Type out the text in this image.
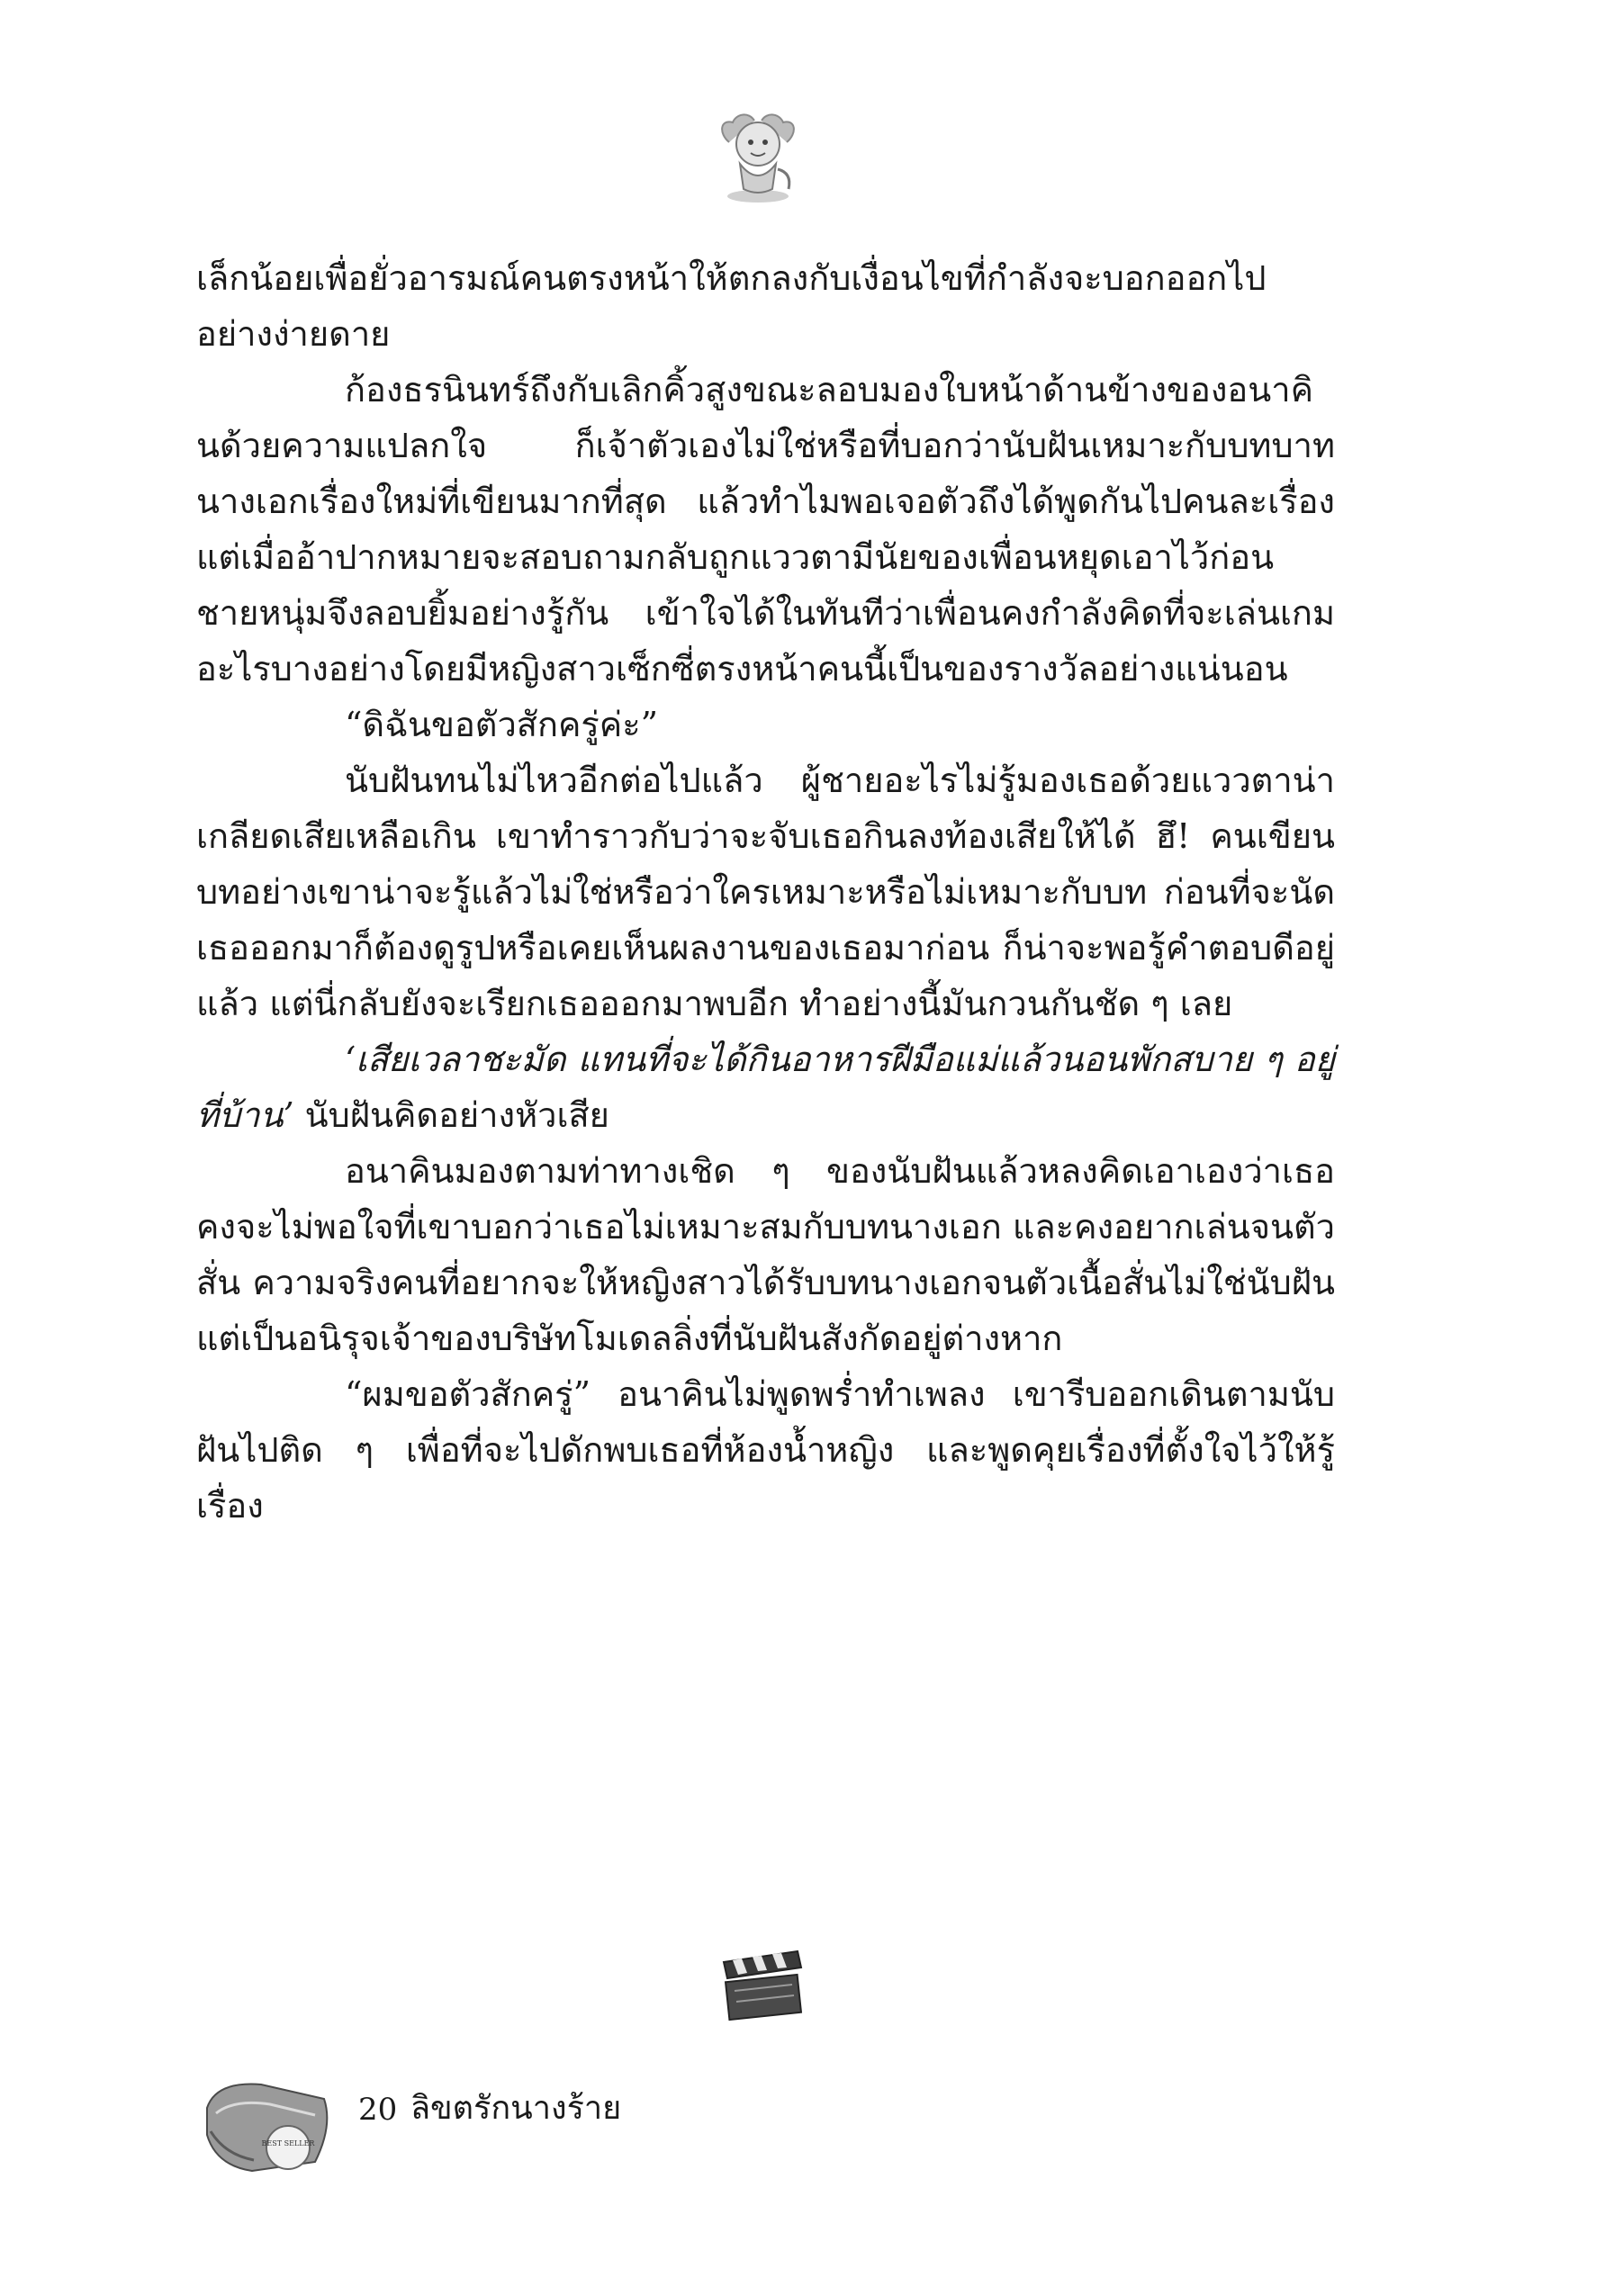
เล็กน้อยเพื่อยั่วอารมณ์คนตรงหน้าให้ตกลงกับเงื่อนไขที่กำลังจะบอกออกไปอย่างง่ายดาย

ก้องธรนินทร์ถึงกับเลิกคิ้วสูงขณะลอบมองใบหน้าด้านข้างของอนาคินด้วยความแปลกใจ ก็เจ้าตัวเองไม่ใช่หรือที่บอกว่านับฝันเหมาะกับบทบาทนางเอกเรื่องใหม่ที่เขียนมากที่สุด แล้วทำไมพอเจอตัวถึงได้พูดกันไปคนละเรื่อง แต่เมื่ออ้าปากหมายจะสอบถามกลับถูกแววตามีนัยของเพื่อนหยุดเอาไว้ก่อน ชายหนุ่มจึงลอบยิ้มอย่างรู้กัน เข้าใจได้ในทันทีว่าเพื่อนคงกำลังคิดที่จะเล่นเกมอะไรบางอย่างโดยมีหญิงสาวเซ็กซี่ตรงหน้าคนนี้เป็นของรางวัลอย่างแน่นอน

“ดิฉันขอตัวสักครู่ค่ะ”

นับฝันทนไม่ไหวอีกต่อไปแล้ว ผู้ชายอะไรไม่รู้มองเธอด้วยแววตาน่าเกลียดเสียเหลือเกิน เขาทำราวกับว่าจะจับเธอกินลงท้องเสียให้ได้ ฮึ! คนเขียนบทอย่างเขาน่าจะรู้แล้วไม่ใช่หรือว่าใครเหมาะหรือไม่เหมาะกับบท ก่อนที่จะนัดเธอออกมาก็ต้องดูรูปหรือเคยเห็นผลงานของเธอมาก่อน ก็น่าจะพอรู้คำตอบดีอยู่แล้ว แต่นี่กลับยังจะเรียกเธอออกมาพบอีก ทำอย่างนี้มันกวนกันชัด ๆ เลย

‘เสียเวลาชะมัด แทนที่จะได้กินอาหารฝีมือแม่แล้วนอนพักสบาย ๆ อยู่ที่บ้าน’ นับฝันคิดอย่างหัวเสีย

อนาคินมองตามท่าทางเชิด ๆ ของนับฝันแล้วหลงคิดเอาเองว่าเธอคงจะไม่พอใจที่เขาบอกว่าเธอไม่เหมาะสมกับบทนางเอก และคงอยากเล่นจนตัวสั่น ความจริงคนที่อยากจะให้หญิงสาวได้รับบทนางเอกจนตัวเนื้อสั่นไม่ใช่นับฝัน แต่เป็นอนิรุจเจ้าของบริษัทโมเดลลิ่งที่นับฝันสังกัดอยู่ต่างหาก

“ผมขอตัวสักครู่” อนาคินไม่พูดพร่ำทำเพลง เขารีบออกเดินตามนับฝันไปติด ๆ เพื่อที่จะไปดักพบเธอที่ห้องน้ำหญิง และพูดคุยเรื่องที่ตั้งใจไว้ให้รู้เรื่อง

BEST SELLER
20 ลิขตรักนางร้าย
